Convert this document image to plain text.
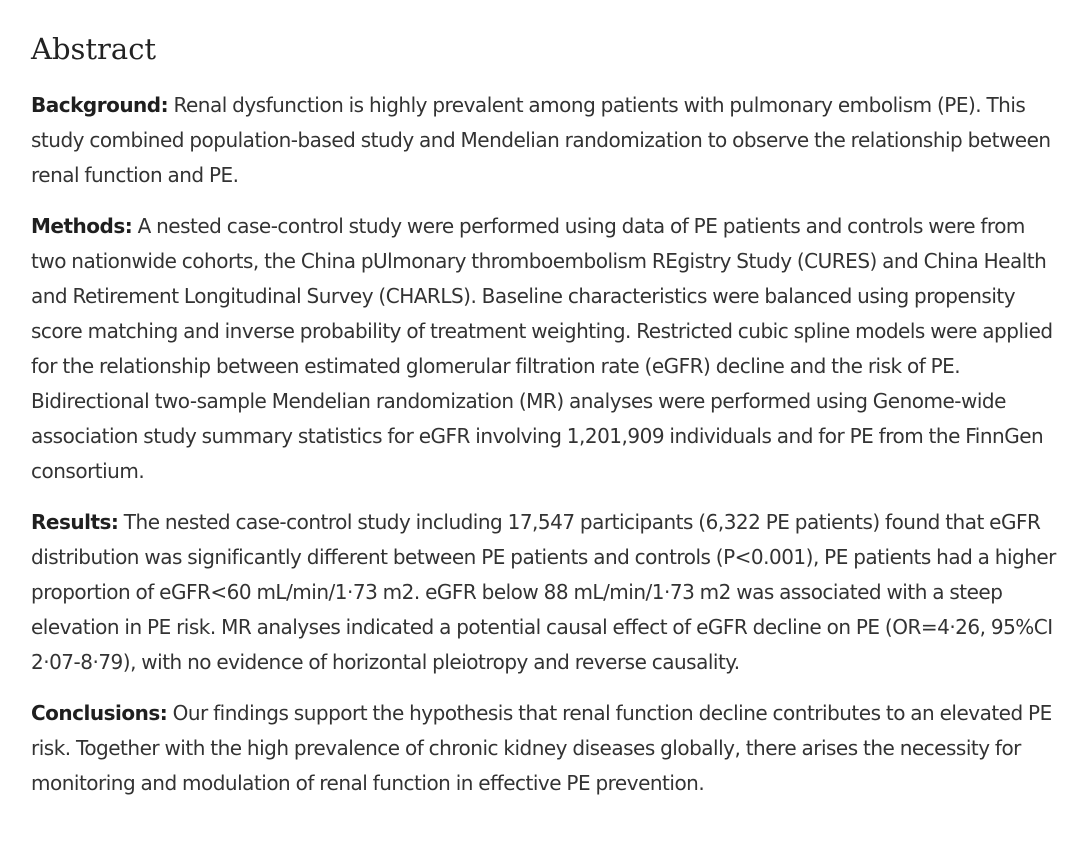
Abstract

Background: Renal dysfunction is highly prevalent among patients with pulmonary embolism (PE). This study combined population-based study and Mendelian randomization to observe the relationship between renal function and PE.

Methods: A nested case-control study were performed using data of PE patients and controls were from two nationwide cohorts, the China pUlmonary thromboembolism REgistry Study (CURES) and China Health and Retirement Longitudinal Survey (CHARLS). Baseline characteristics were balanced using propensity score matching and inverse probability of treatment weighting. Restricted cubic spline models were applied for the relationship between estimated glomerular filtration rate (eGFR) decline and the risk of PE. Bidirectional two-sample Mendelian randomization (MR) analyses were performed using Genome-wide association study summary statistics for eGFR involving 1,201,909 individuals and for PE from the FinnGen consortium.

Results: The nested case-control study including 17,547 participants (6,322 PE patients) found that eGFR distribution was significantly different between PE patients and controls (P<0.001), PE patients had a higher proportion of eGFR<60 mL/min/1·73 m2. eGFR below 88 mL/min/1·73 m2 was associated with a steep elevation in PE risk. MR analyses indicated a potential causal effect of eGFR decline on PE (OR=4·26, 95%CI 2·07-8·79), with no evidence of horizontal pleiotropy and reverse causality.

Conclusions: Our findings support the hypothesis that renal function decline contributes to an elevated PE risk. Together with the high prevalence of chronic kidney diseases globally, there arises the necessity for monitoring and modulation of renal function in effective PE prevention.
